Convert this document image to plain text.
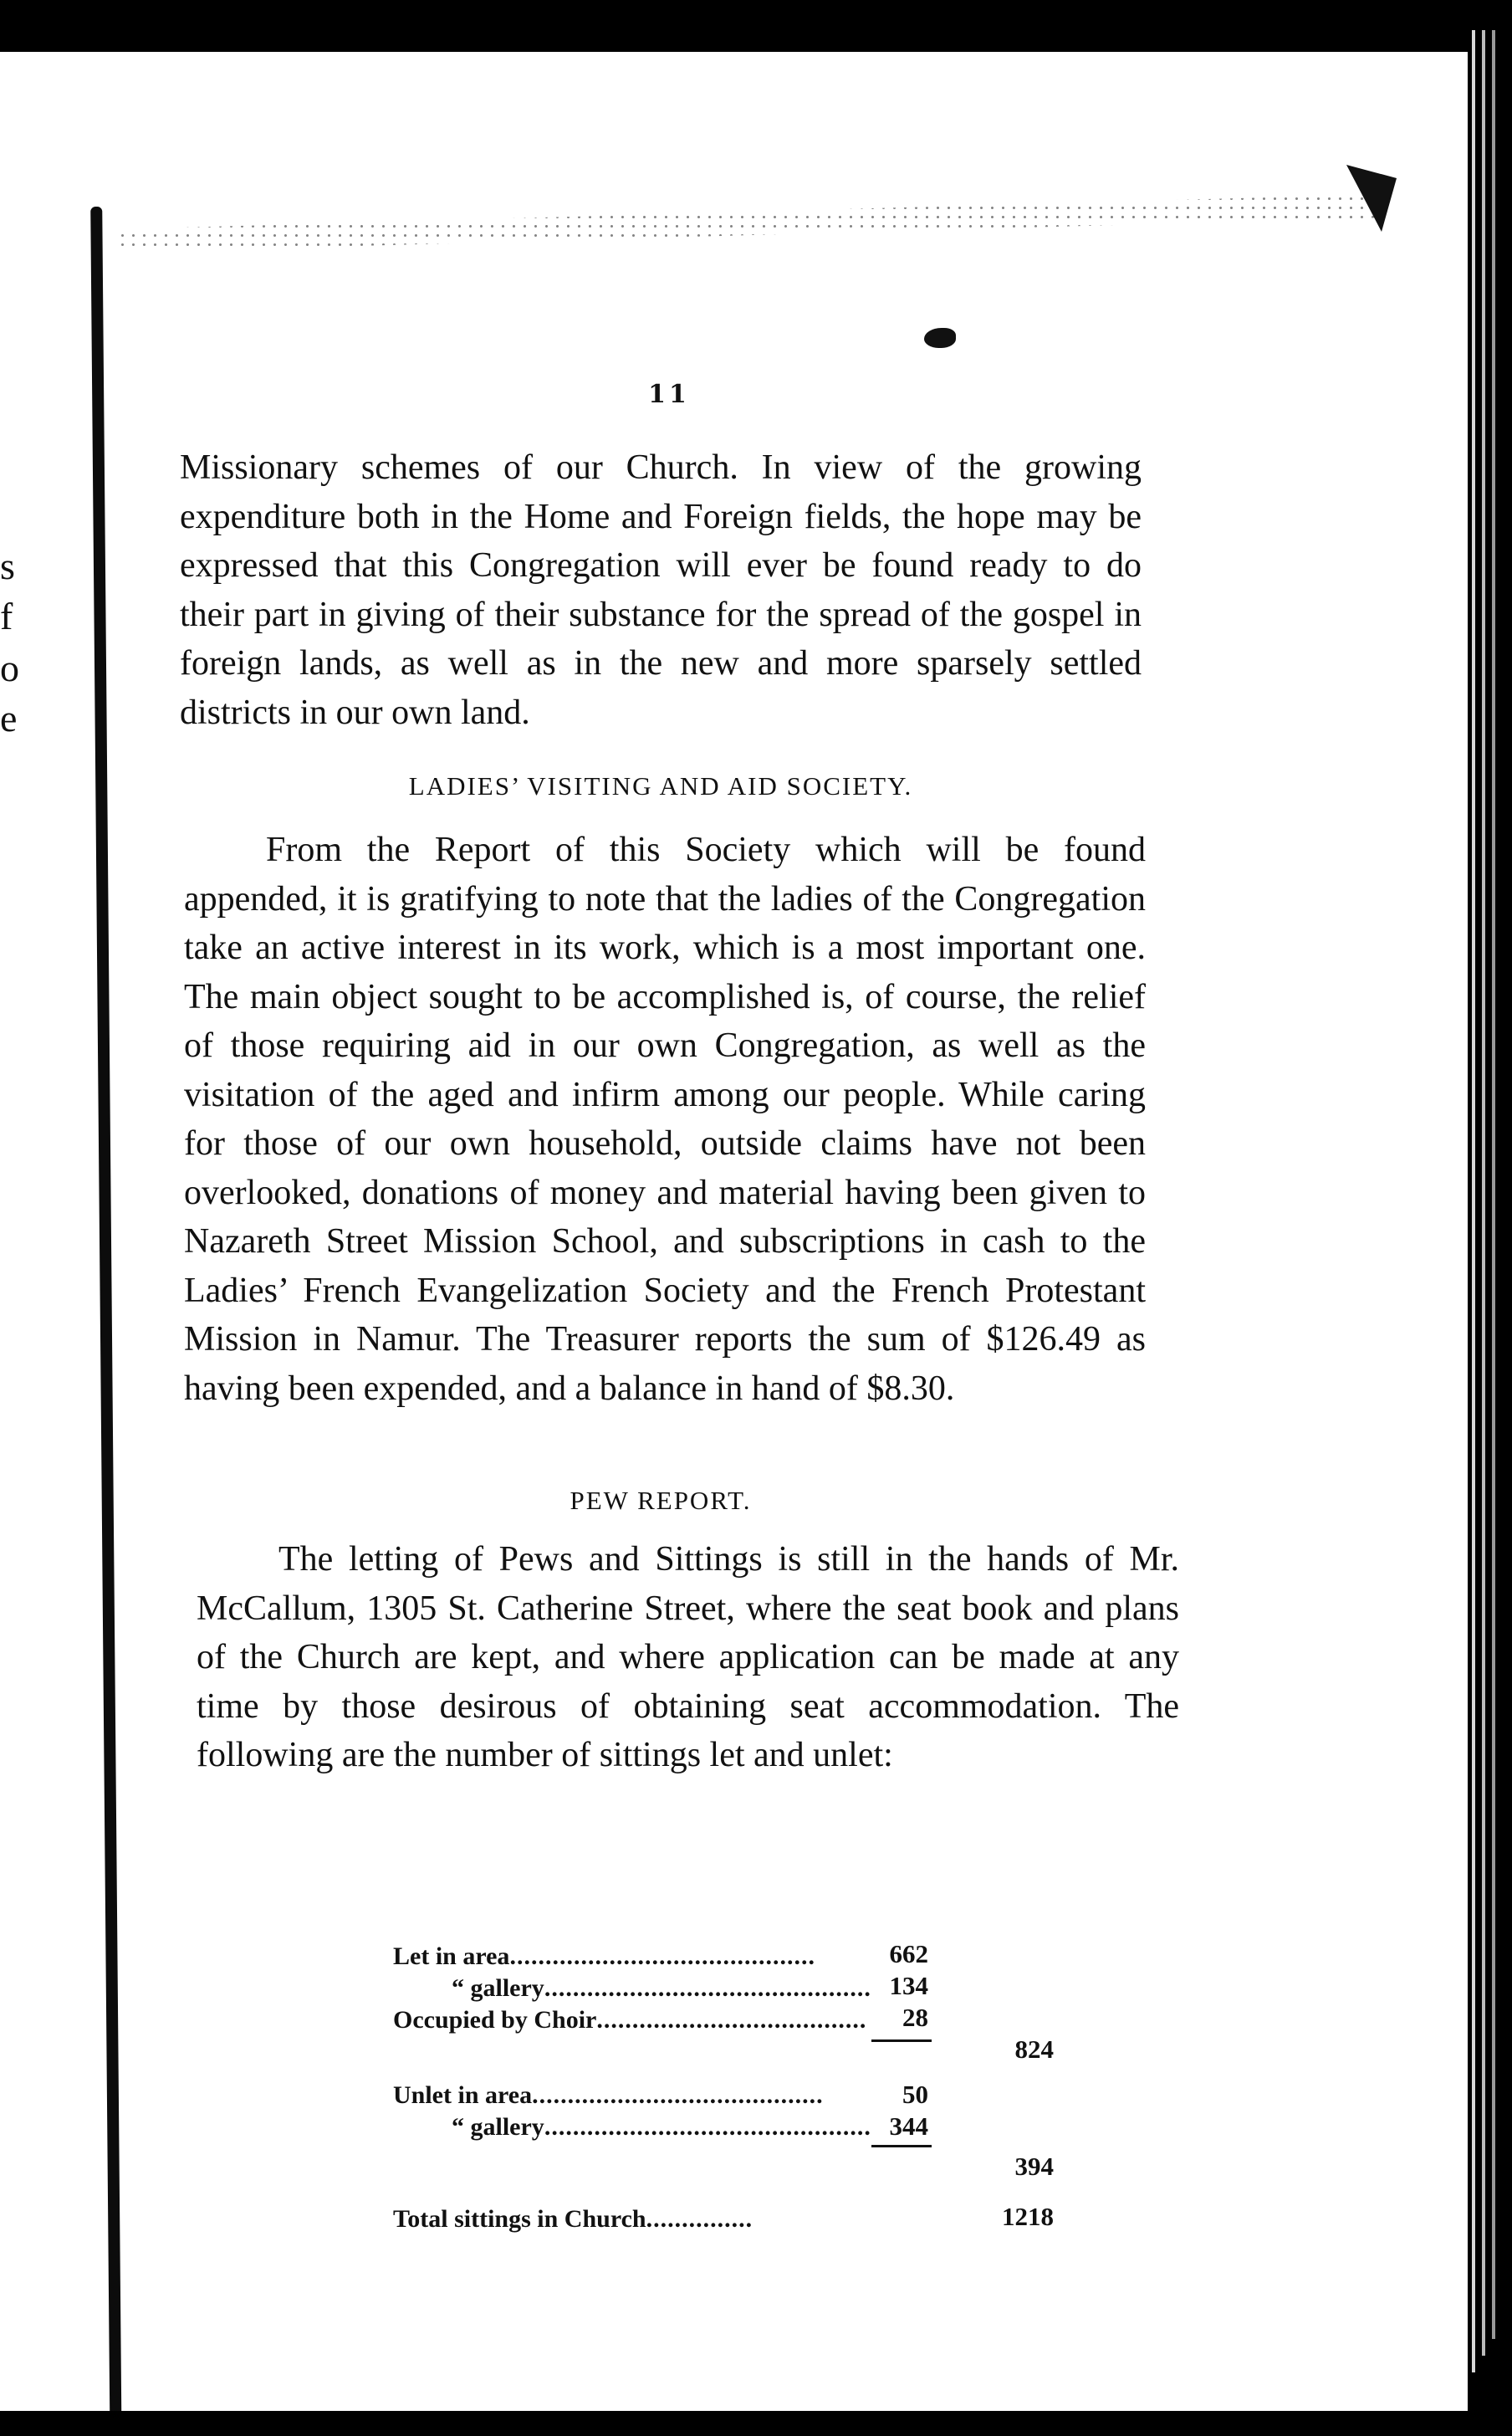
s
f
o
e
11

Missionary schemes of our Church. In view of the growing expenditure both in the Home and Foreign fields, the hope may be expressed that this Congregation will ever be found ready to do their part in giving of their substance for the spread of the gospel in foreign lands, as well as in the new and more sparsely settled districts in our own land.

LADIES’ VISITING AND AID SOCIETY.

From the Report of this Society which will be found appended, it is gratifying to note that the ladies of the Congregation take an active interest in its work, which is a most important one. The main object sought to be accomplished is, of course, the relief of those requiring aid in our own Congregation, as well as the visitation of the aged and infirm among our people. While caring for those of our own household, outside claims have not been overlooked, donations of money and material having been given to Nazareth Street Mission School, and subscriptions in cash to the Ladies’ French Evangelization Society and the French Protestant Mission in Namur. The Treasurer reports the sum of $126.49 as having been expended, and a balance in hand of $8.30.

PEW REPORT.

The letting of Pews and Sittings is still in the hands of Mr. McCallum, 1305 St. Catherine Street, where the seat book and plans of the Church are kept, and where application can be made at any time by those desirous of obtaining seat accommodation. The following are the number of sittings let and unlet:

Let in area...........................................	662
“ gallery.............................................. 134
Occupied by Choir......................................	28
824
Unlet in area.........................................	50
“ gallery.............................................. 344
394
Total sittings in Church...............	1218
